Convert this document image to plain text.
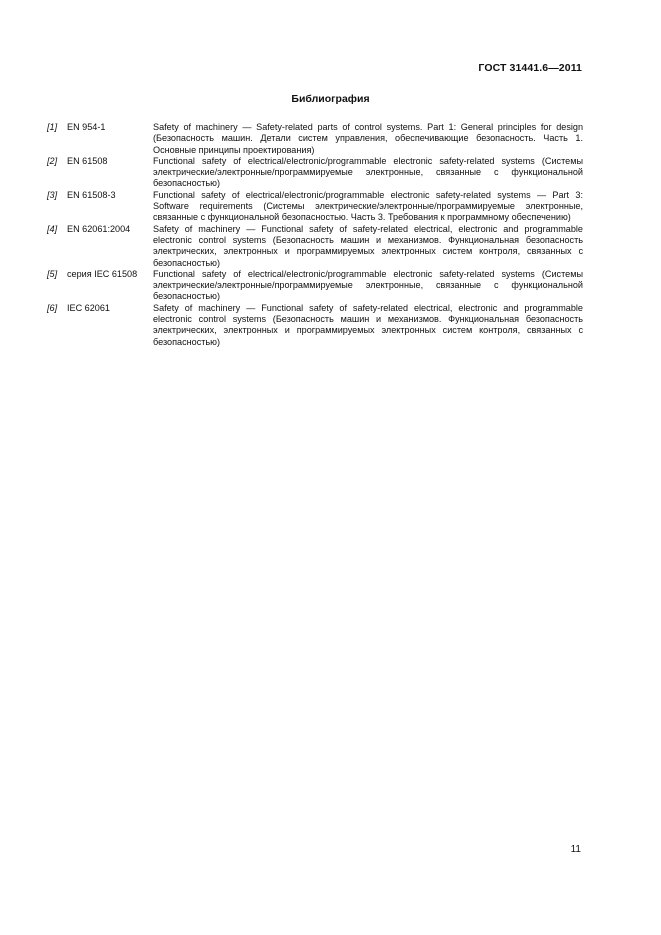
ГОСТ 31441.6—2011
Библиография
[1]	EN 954-1	Safety of machinery — Safety-related parts of control systems. Part 1: General principles for design (Безопасность машин. Детали систем управления, обеспечивающие безопасность. Часть 1. Основные принципы проектирования)
[2]	EN 61508	Functional safety of electrical/electronic/programmable electronic safety-related systems (Системы электрические/электронные/программируемые электронные, связанные с функциональной безопасностью)
[3]	EN 61508-3	Functional safety of electrical/electronic/programmable electronic safety-related systems — Part 3: Software requirements (Системы электрические/электронные/программируемые электронные, связанные с функциональной безопасностью. Часть 3. Требования к программному обеспечению)
[4]	EN 62061:2004	Safety of machinery — Functional safety of safety-related electrical, electronic and programmable electronic control systems (Безопасность машин и механизмов. Функциональная безопасность электрических, электронных и программируемых электронных систем контроля, связанных с безопасностью)
[5]	серия IEC 61508	Functional safety of electrical/electronic/programmable electronic safety-related systems (Системы электрические/электронные/программируемые электронные, связанные с функциональной безопасностью)
[6]	IEC 62061	Safety of machinery — Functional safety of safety-related electrical, electronic and programmable electronic control systems (Безопасность машин и механизмов. Функциональная безопасность электрических, электронных и программируемых электронных систем контроля, связанных с безопасностью)
11
